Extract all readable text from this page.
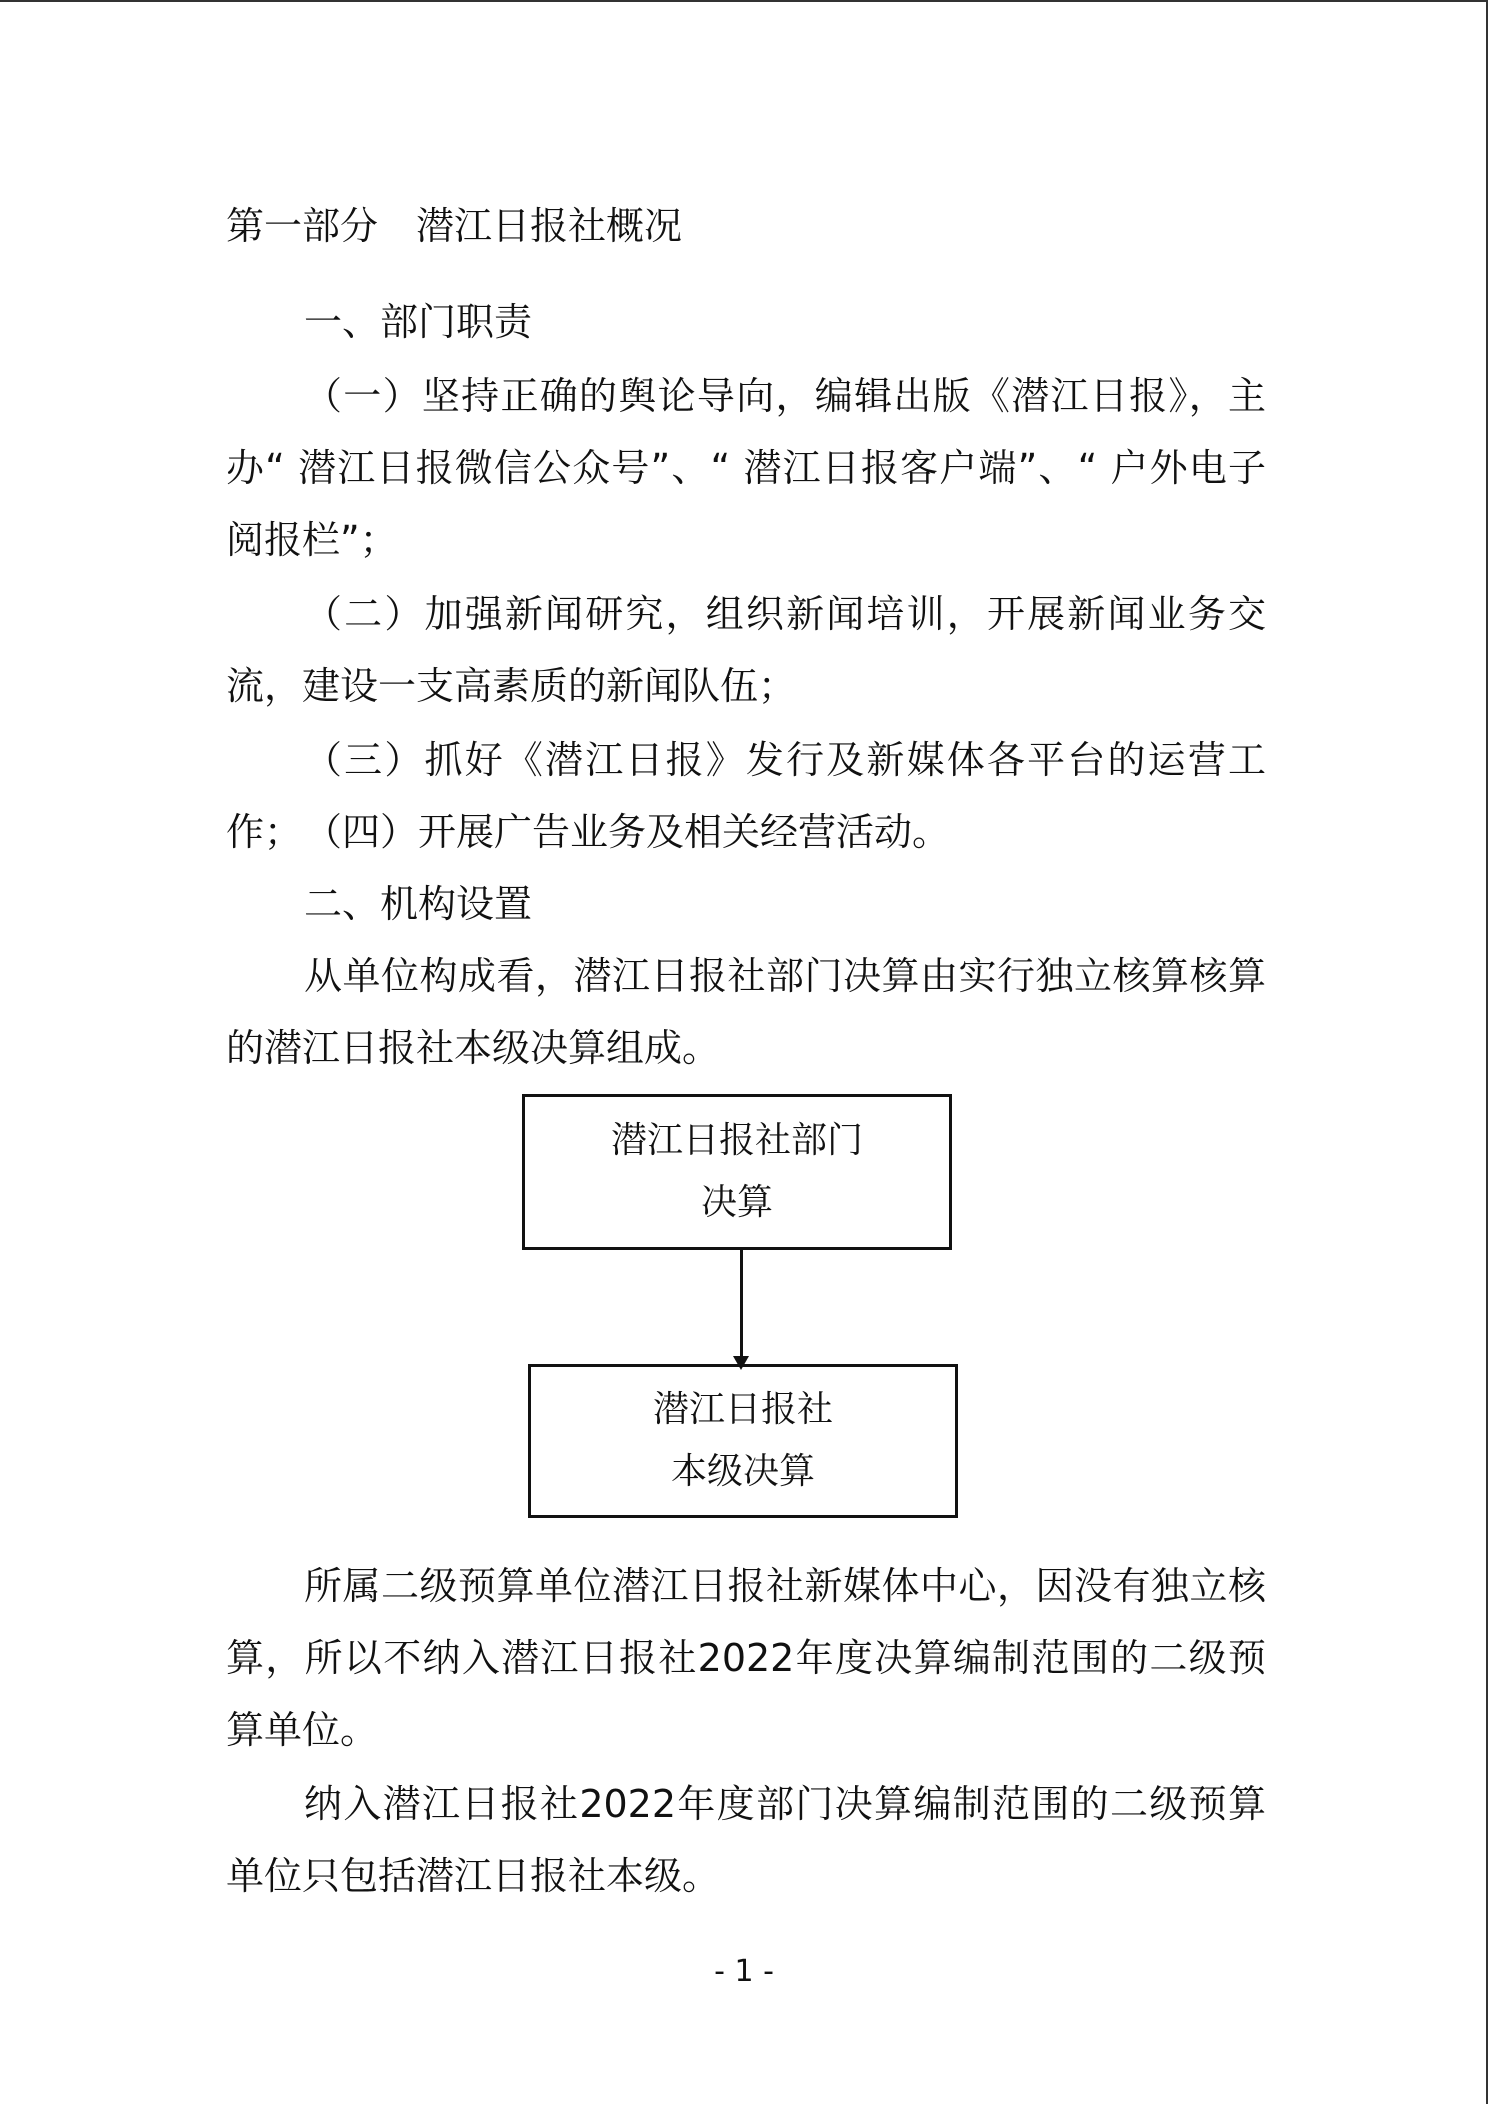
第一部分　潜江日报社概况
一、部门职责
（一）坚持正确的舆论导向，编辑出版《潜江日报》，主办“ 潜江日报微信公众号”、“ 潜江日报客户端”、“ 户外电子阅报栏”；
（二）加强新闻研究，组织新闻培训，开展新闻业务交流，建设一支高素质的新闻队伍；
（三）抓好《潜江日报》发行及新媒体各平台的运营工作； （四）开展广告业务及相关经营活动。
二、机构设置
从单位构成看，潜江日报社部门决算由实行独立核算核算的潜江日报社本级决算组成。
潜江日报社部门
决算
潜江日报社
本级决算
所属二级预算单位潜江日报社新媒体中心，因没有独立核算，所以不纳入潜江日报社2022年度决算编制范围的二级预算单位。
纳入潜江日报社2022年度部门决算编制范围的二级预算单位只包括潜江日报社本级。
- 1 -
